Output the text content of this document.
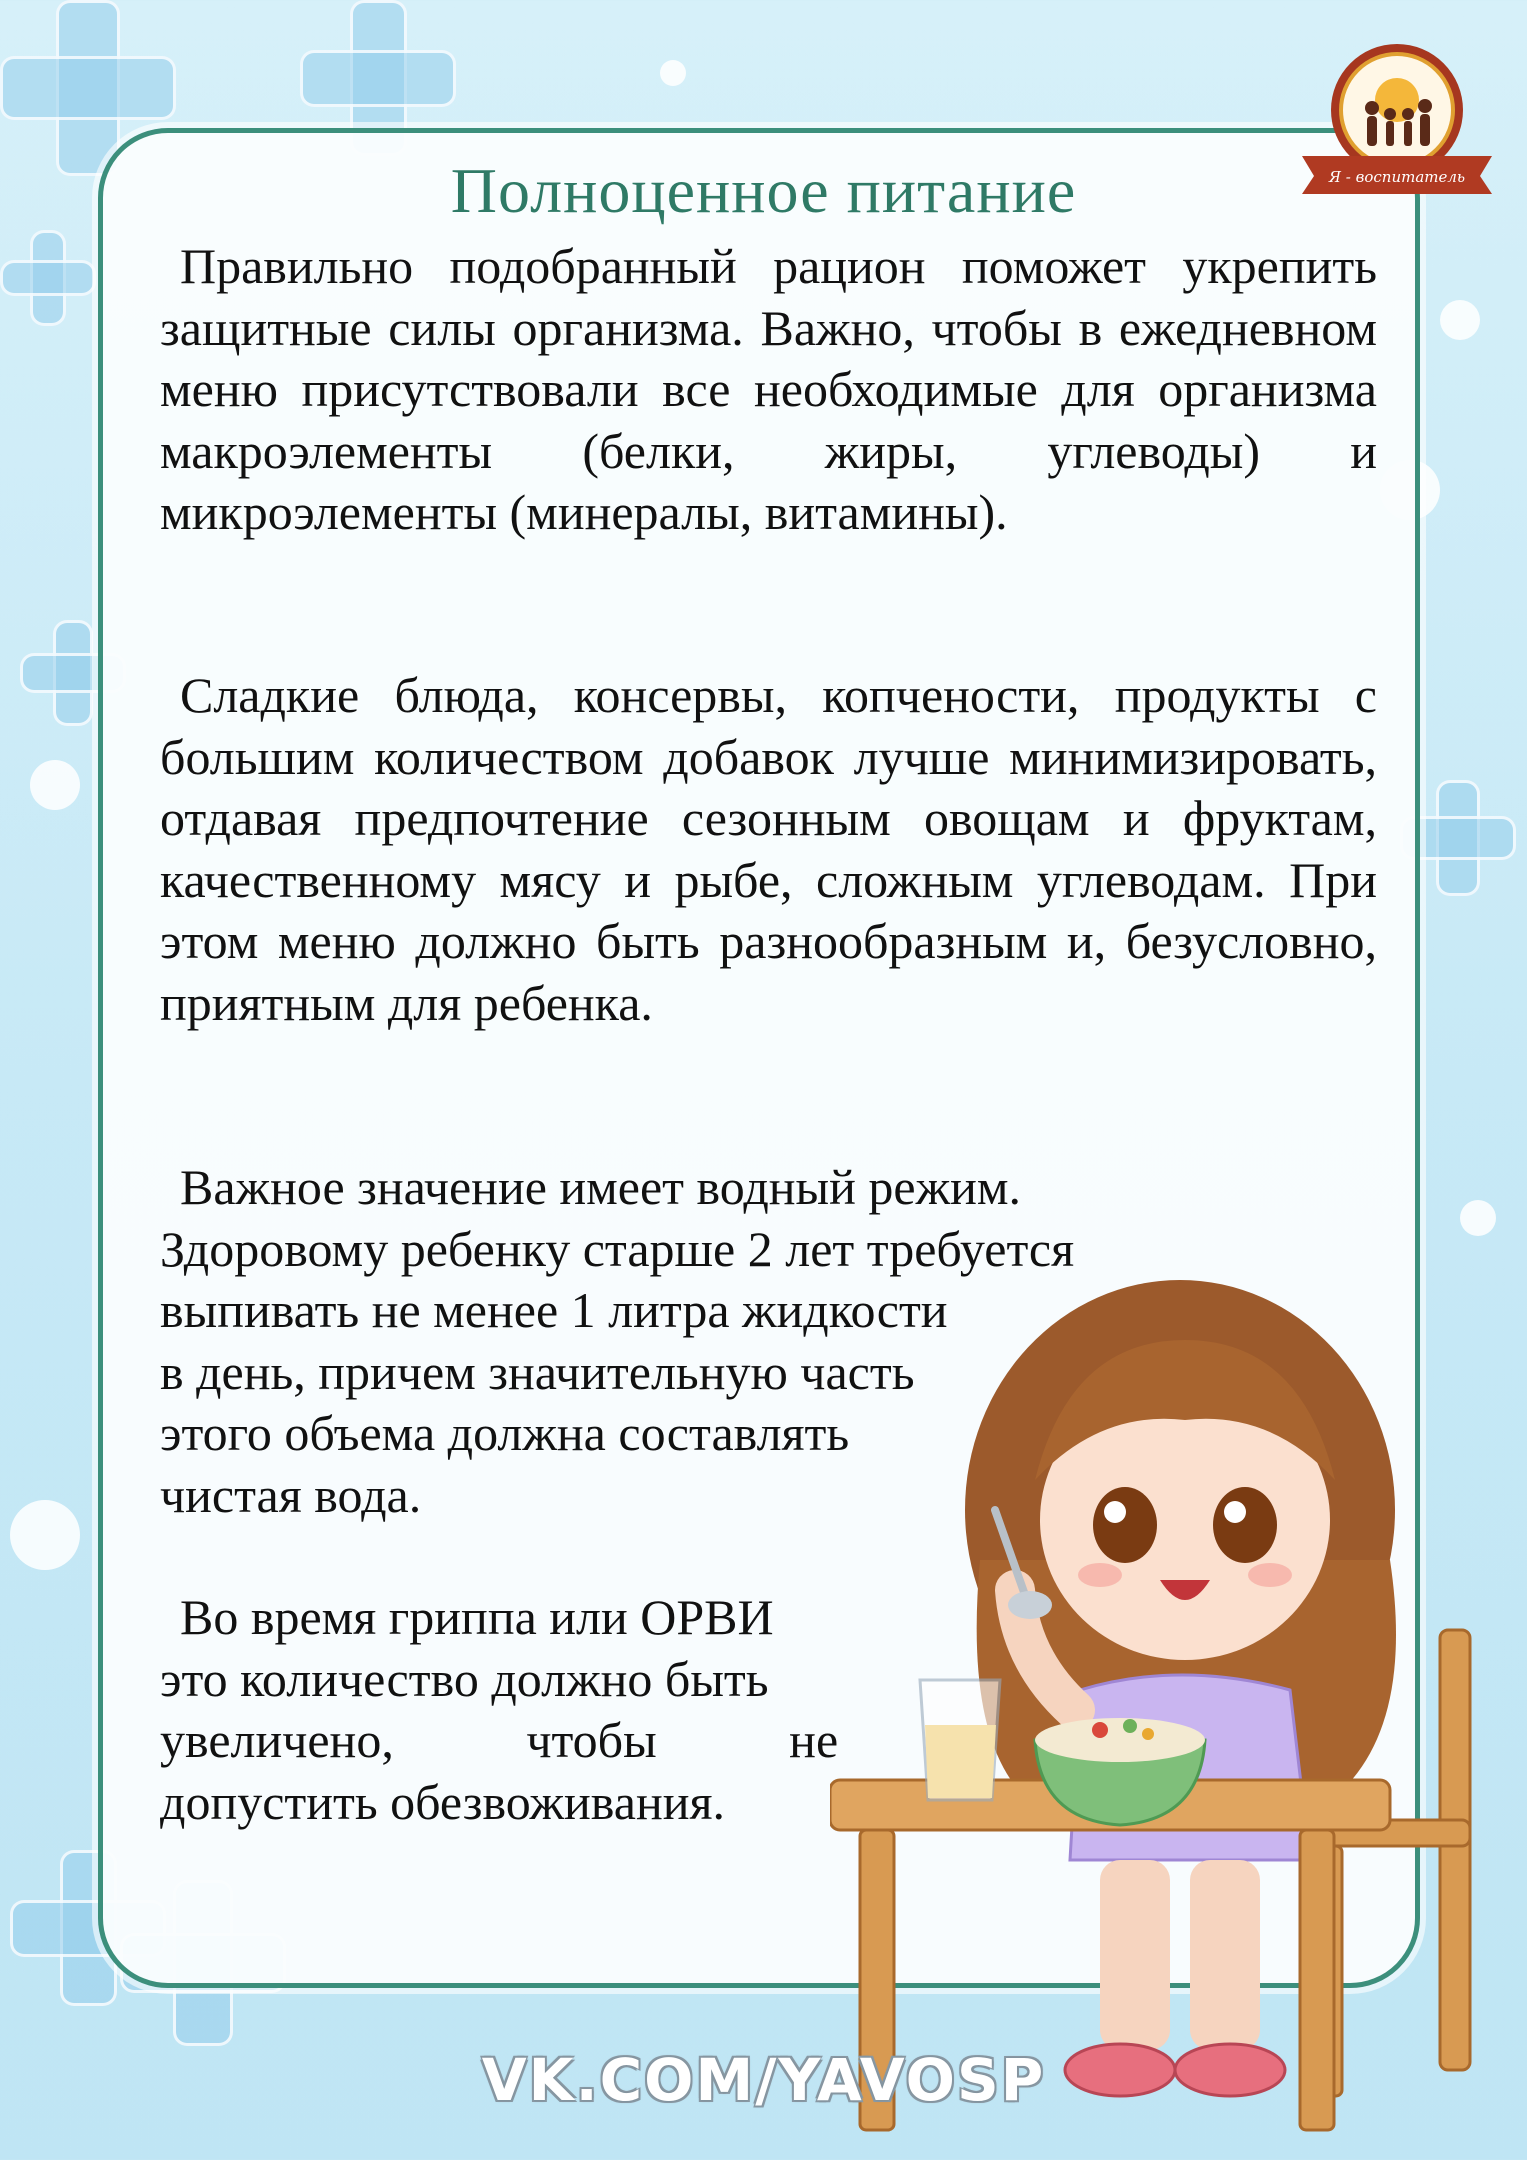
Я - воспитатель
Полноценное питание

Правильно подобранный рацион поможет укрепить защитные силы организма. Важно, чтобы в ежедневном меню присутствовали все необходимые для организма макроэлементы (белки, жиры, углеводы) и микроэлементы (минералы, витамины).

Сладкие блюда, консервы, копчености, продукты с большим количеством добавок лучше минимизировать, отдавая предпочтение сезонным овощам и фруктам, качественному мясу и рыбе, сложным углеводам. При этом меню должно быть разнообразным и, безусловно, приятным для ребенка.

Важное значение имеет водный режим.
Здоровому ребенку старше 2 лет требуется
выпивать не менее 1 литра жидкости
в день, причем значительную часть
этого объема должна составлять
чистая вода.
Во время гриппа или ОРВИ
это количество должно быть
увеличено, чтобы не
допустить обезвоживания.
VK.COM/YAVOSP
